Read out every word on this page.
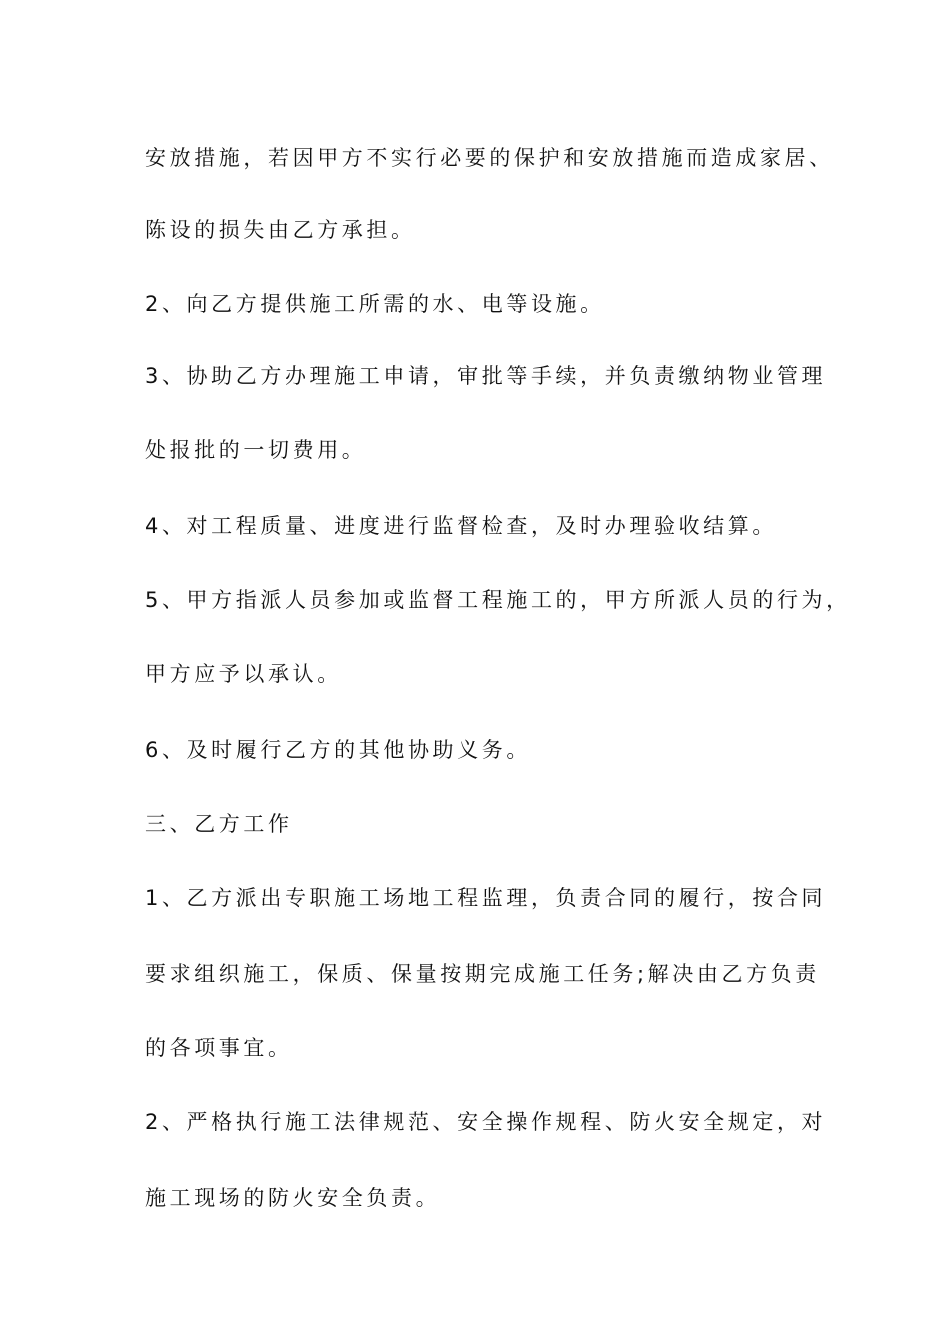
安放措施，若因甲方不实行必要的保护和安放措施而造成家居、

陈设的损失由乙方承担。

2、向乙方提供施工所需的水、电等设施。

3、协助乙方办理施工申请，审批等手续，并负责缴纳物业管理

处报批的一切费用。

4、对工程质量、进度进行监督检查，及时办理验收结算。

5、甲方指派人员参加或监督工程施工的，甲方所派人员的行为，

甲方应予以承认。

6、及时履行乙方的其他协助义务。

三、乙方工作

1、乙方派出专职施工场地工程监理，负责合同的履行，按合同

要求组织施工，保质、保量按期完成施工任务;解决由乙方负责

的各项事宜。

2、严格执行施工法律规范、安全操作规程、防火安全规定，对

施工现场的防火安全负责。
